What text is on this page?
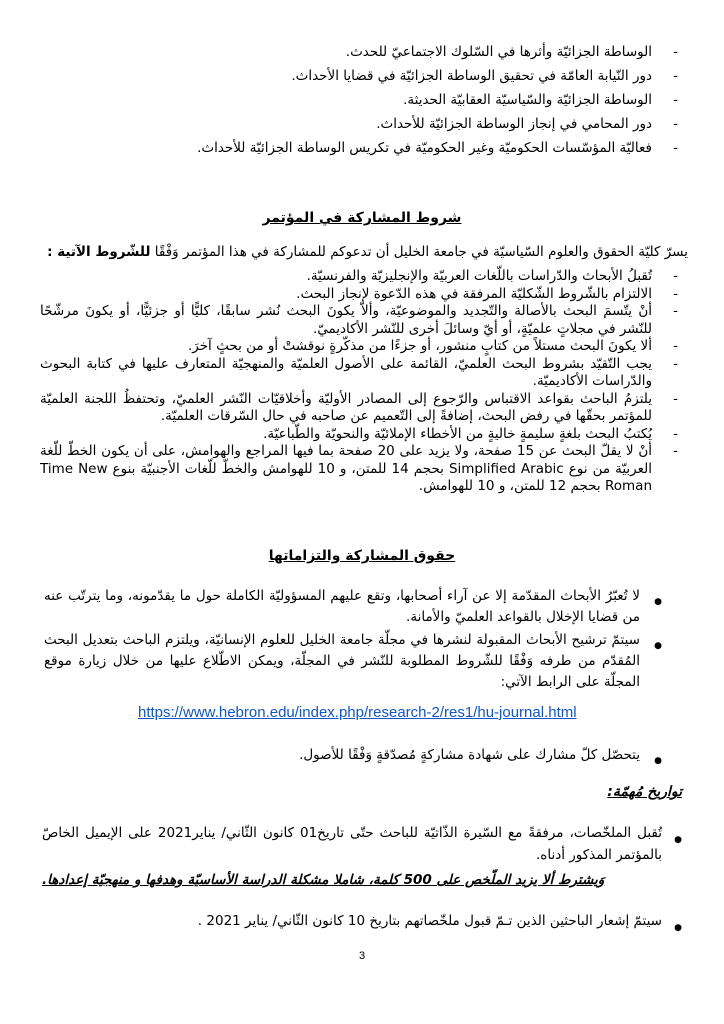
- الوساطة الجزائيّة وأثرها في السّلوك الاجتماعيّ للحدث.
- دور النّيابة العامّة في تحقيق الوساطة الجزائيّة في قضايا الأحداث.
- الوساطة الجزائيّة والسّياسيّة العقابيّة الحديثة.
- دور المحامي في إنجاز الوساطة الجزائيّة للأحداث.
- فعاليّة المؤسّسات الحكوميّة وغير الحكوميّة في تكريس الوساطة الجزائيّة للأحداث.
شروط المشاركة في المؤتمر
يسرّ كليّة الحقوق والعلوم السّياسيّة في جامعة الخليل أن تدعوكم للمشاركة في هذا المؤتمر وَفْقًا للشّروط الآتية :
- تُقبلُ الأبحاث والدّراسات باللّغات العربيّة والإنجليزيّة والفرنسيّة.
- الالتزام بالشّروط الشّكليّة المرفقة في هذه الدّعوة لإنجاز البحث.
- أنْ يتّسمَ البحث بالأصالة والتّجديد والموضوعيّة، وألاّ يكونَ البحث نُشر سابقًا، كليًّا أو جزئيًّا، أو يكونَ مرشّحًا للنّشر في مجلاتٍ علميّةٍ، أو أيّ وسائلَ أخرى للنّشر الأكاديميّ.
- ألا يكونَ البحث مستلاً من كتابٍ منشور، أو جزءًا من مذكّرةٍ نوقشتْ أو من بحثٍ آخرَ.
- يجب التّقيّد بشروط البحث العلميّ، القائمة على الأصول العلميّة والمنهجيّة المتعارف عليها في كتابة البحوث والدّراسات الأكاديميّة.
- يلتزمُ الباحث بقواعد الاقتباس والرّجوع إلى المصادر الأوليّة وأخلاقيّات النّشر العلميّ، وتحتفظُ اللجنة العلميّة للمؤتمر بحقّها في رفض البحث، إضافةً إلى التّعميم عن صاحبه في حال السّرقات العلميّة.
- يُكتبُ البحث بلغةٍ سليمةٍ خاليةٍ من الأخطاء الإملائيّة والنحويّة والطّباعيّة.
- أنْ لا يقلّ البحث عن 15 صفحة، ولا يزيد على 20 صفحة بما فيها المراجع والهوامش، على أن يكون الخطّ للّغة العربيّة من نوع Simplified Arabic بحجم 14 للمتن، و 10 للهوامش والخطّ للّغات الأجنبيّة بنوع Time New Roman بحجم 12 للمتن، و 10 للهوامش.
حقوق المشاركة والتزاماتها
● لا تُعبّرُ الأبحاث المقدّمة إلا عن آراء أصحابها، وتقع عليهم المسؤوليّة الكاملة حول ما يقدّمونه، وما يترتّب عنه من قضايا الإخلال بالقواعد العلميّ والأمانة.
● سيتمّ ترشيح الأبحاث المقبولة لنشرها في مجلّة جامعة الخليل للعلوم الإنسانيّة، ويلتزم الباحث بتعديل البحث المُقدّم من طرفه وَفْقًا للشّروط المطلوبة للنّشر في المجلّة، ويمكن الاطّلاع عليها من خلال زيارة موقع المجلّة على الرابط الآتي:
https://www.hebron.edu/index.php/research-2/res1/hu-journal.html
● يتحصّل كلّ مشارك على شهادة مشاركةٍ مُصدّقةٍ وَفْقًا للأصول.
تواريخ مُهمّة:
● تُقبل الملخّصات، مرفقةً مع السّيرة الذّاتيّة للباحث حتّى تاريخ01 كانون الثّاني/ يناير2021 على الإيميل الخاصّ بالمؤتمر المذكور أدناه.
وَيشترط ألا يزيد الملّخص على 500 كلمة، شاملا مشكلة الدراسة الأساسيّة وهدفها و منهجيّة إعدادها.
● سيتمّ إشعار الباحثين الذين تـمّ قبول ملخّصاتهم بتاريخ 10 كانون الثّاني/ يناير 2021 .
3
